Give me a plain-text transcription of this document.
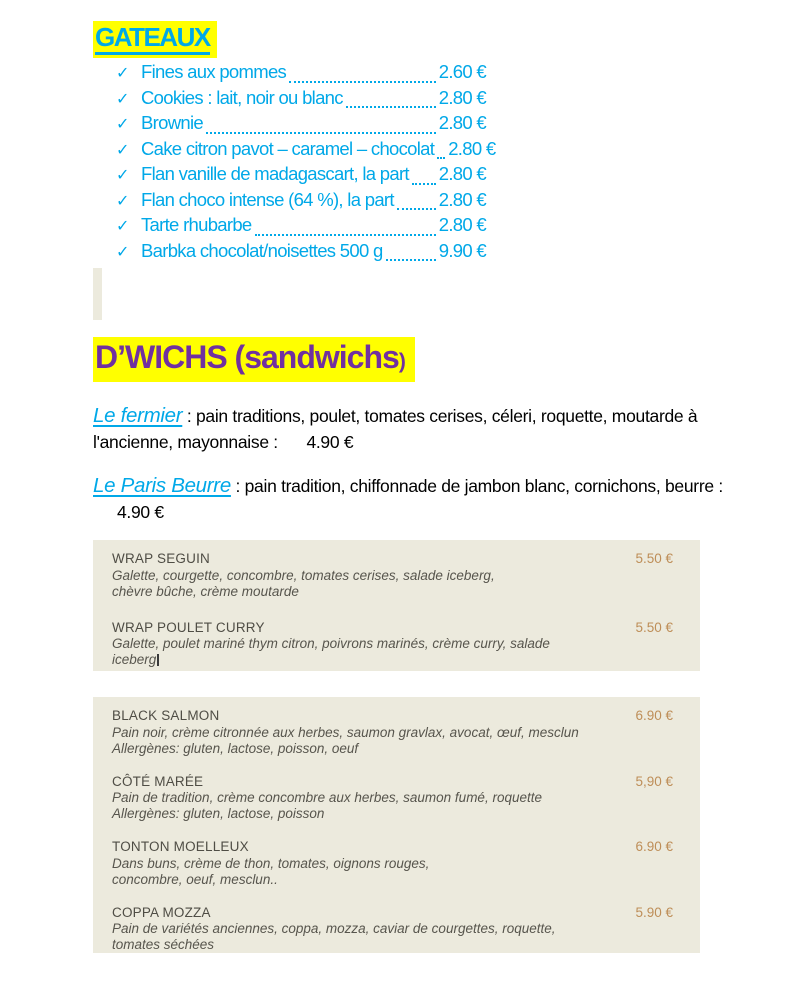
GATEAUX
✓ Fines aux pommes	2.60 €
✓ Cookies : lait, noir ou blanc	2.80 €
✓ Brownie	2.80 €
✓ Cake citron pavot – caramel – chocolat 2.80 €
✓ Flan vanille de madagascart, la part 2.80 €
✓ Flan choco intense (64 %), la part 2.80 €
✓ Tarte rhubarbe	2.80 €
✓ Barbka chocolat/noisettes 500 g	9.90 €
D’WICHS (sandwichs)

Le fermier : pain traditions, poulet, tomates cerises, céleri, roquette, moutarde à l'ancienne, mayonnaise : 4.90 €

Le Paris Beurre : pain tradition, chiffonnade de jambon blanc, cornichons, beurre : 4.90 €

WRAP SEGUIN	5.50 €
Galette, courgette, concombre, tomates cerises, salade iceberg,
chèvre bûche, crème moutarde
WRAP POULET CURRY	5.50 €
Galette, poulet mariné thym citron, poivrons marinés, crème curry, salade
iceberg
BLACK SALMON	6.90 €
Pain noir, crème citronnée aux herbes, saumon gravlax, avocat, œuf, mesclun
Allergènes: gluten, lactose, poisson, oeuf
CÔTÉ MARÉE	5,90 €
Pain de tradition, crème concombre aux herbes, saumon fumé, roquette
Allergènes: gluten, lactose, poisson
TONTON MOELLEUX	6.90 €
Dans buns, crème de thon, tomates, oignons rouges,
concombre, oeuf, mesclun..
COPPA MOZZA	5.90 €
Pain de variétés anciennes, coppa, mozza, caviar de courgettes, roquette,
tomates séchées
